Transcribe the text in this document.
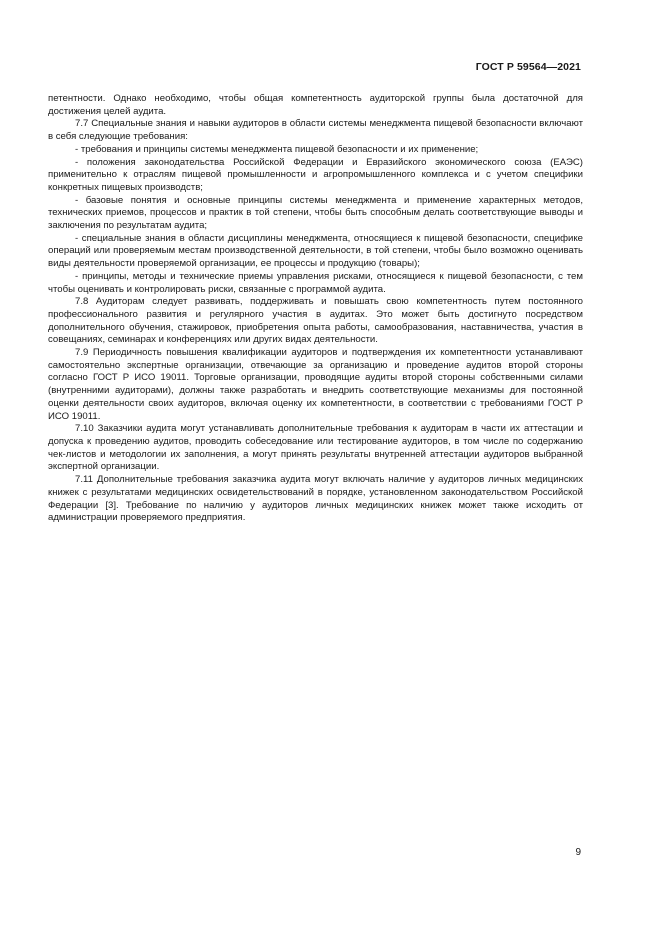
ГОСТ Р 59564—2021

петентности. Однако необходимо, чтобы общая компетентность аудиторской группы была достаточной для достижения целей аудита.

7.7 Специальные знания и навыки аудиторов в области системы менеджмента пищевой безопасности включают в себя следующие требования:

- требования и принципы системы менеджмента пищевой безопасности и их применение;

- положения законодательства Российской Федерации и Евразийского экономического союза (ЕАЭС) применительно к отраслям пищевой промышленности и агропромышленного комплекса и с учетом специфики конкретных пищевых производств;

- базовые понятия и основные принципы системы менеджмента и применение характерных методов, технических приемов, процессов и практик в той степени, чтобы быть способным делать соответствующие выводы и заключения по результатам аудита;

- специальные знания в области дисциплины менеджмента, относящиеся к пищевой безопасности, специфике операций или проверяемым местам производственной деятельности, в той степени, чтобы было возможно оценивать виды деятельности проверяемой организации, ее процессы и продукцию (товары);

- принципы, методы и технические приемы управления рисками, относящиеся к пищевой безопасности, с тем чтобы оценивать и контролировать риски, связанные с программой аудита.

7.8 Аудиторам следует развивать, поддерживать и повышать свою компетентность путем постоянного профессионального развития и регулярного участия в аудитах. Это может быть достигнуто посредством дополнительного обучения, стажировок, приобретения опыта работы, самообразования, наставничества, участия в совещаниях, семинарах и конференциях или других видах деятельности.

7.9 Периодичность повышения квалификации аудиторов и подтверждения их компетентности устанавливают самостоятельно экспертные организации, отвечающие за организацию и проведение аудитов второй стороны согласно ГОСТ Р ИСО 19011. Торговые организации, проводящие аудиты второй стороны собственными силами (внутренними аудиторами), должны также разработать и внедрить соответствующие механизмы для постоянной оценки деятельности своих аудиторов, включая оценку их компетентности, в соответствии с требованиями ГОСТ Р ИСО 19011.

7.10 Заказчики аудита могут устанавливать дополнительные требования к аудиторам в части их аттестации и допуска к проведению аудитов, проводить собеседование или тестирование аудиторов, в том числе по содержанию чек-листов и методологии их заполнения, а могут принять результаты внутренней аттестации аудиторов выбранной экспертной организации.

7.11 Дополнительные требования заказчика аудита могут включать наличие у аудиторов личных медицинских книжек с результатами медицинских освидетельствований в порядке, установленном законодательством Российской Федерации [3]. Требование по наличию у аудиторов личных медицинских книжек может также исходить от администрации проверяемого предприятия.

9
